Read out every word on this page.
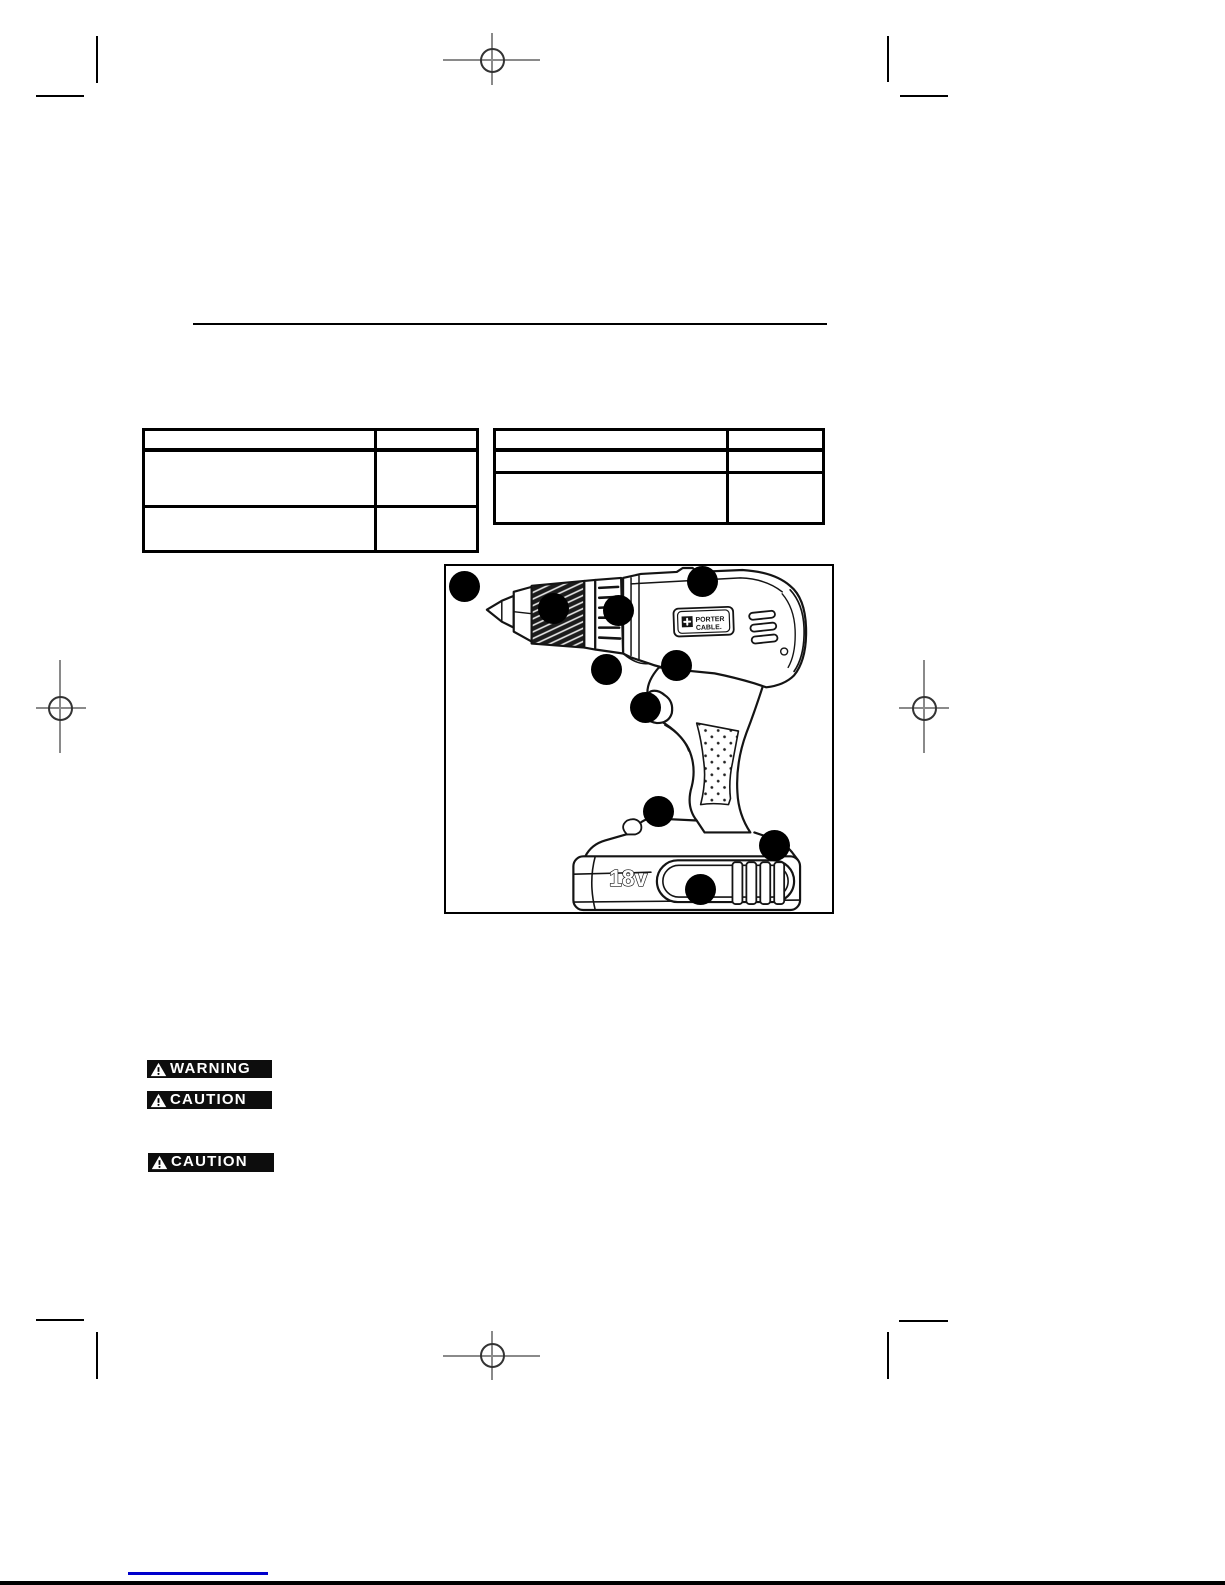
18v
PORTER
CABLE.
WARNING
CAUTION
CAUTION
